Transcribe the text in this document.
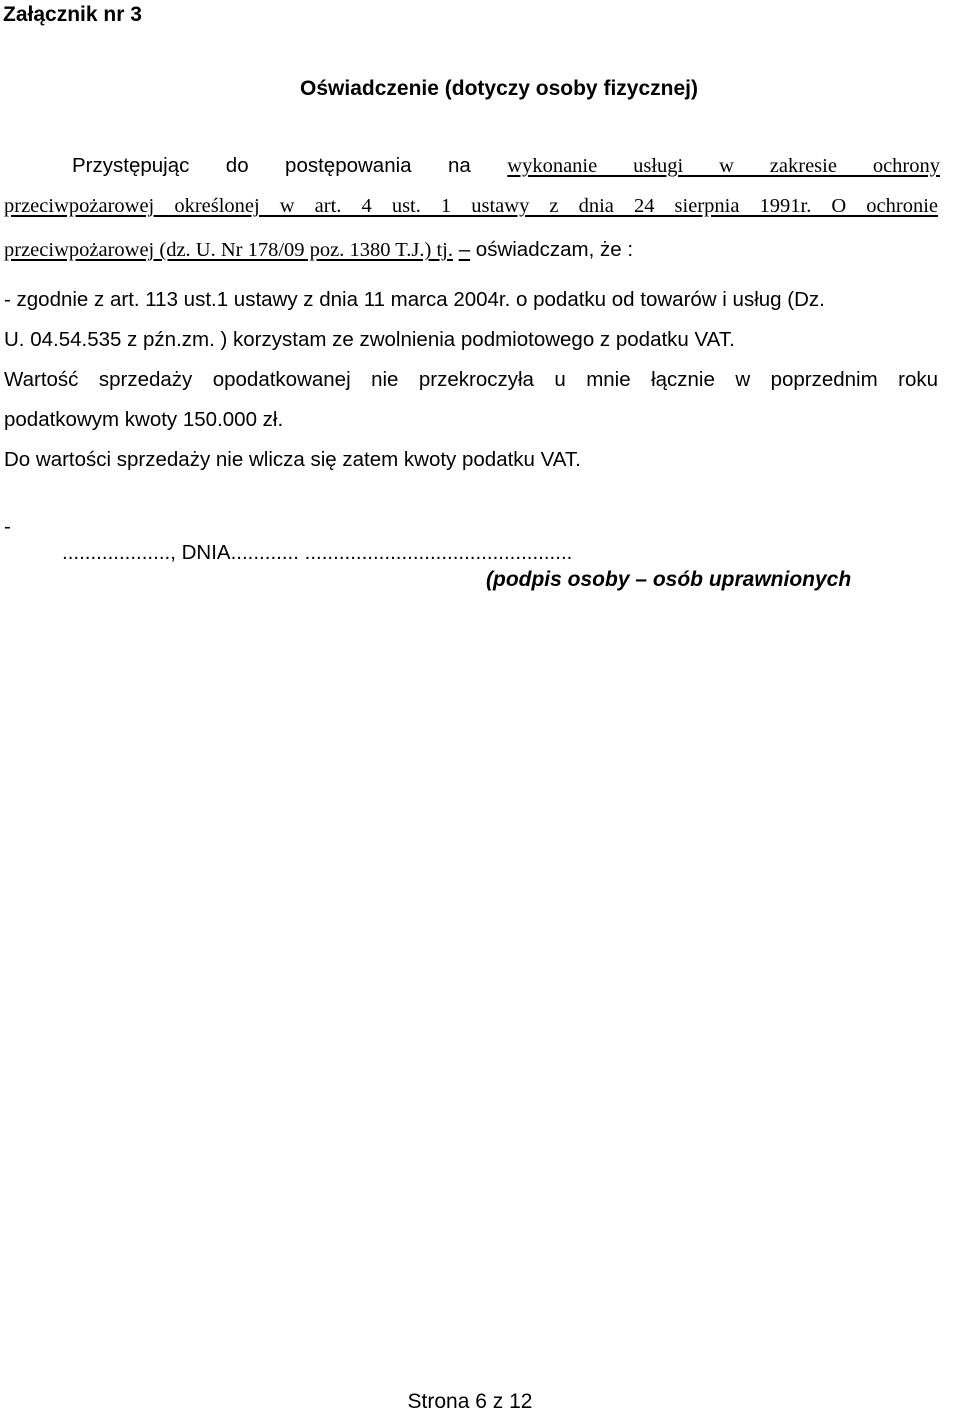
Załącznik nr 3

Oświadczenie (dotyczy osoby fizycznej)

Przystępując do postępowania na wykonanie usługi w zakresie ochrony

przeciwpożarowej określonej w art. 4 ust. 1 ustawy z dnia 24 sierpnia 1991r. O ochronie

przeciwpożarowej (dz. U. Nr 178/09 poz. 1380 T.J.) tj. – oświadczam, że :

- zgodnie z art. 113 ust.1 ustawy z dnia 11 marca 2004r. o podatku od towarów i usług (Dz.

U. 04.54.535 z pźn.zm. ) korzystam ze zwolnienia podmiotowego z podatku VAT.

Wartość sprzedaży opodatkowanej nie przekroczyła u mnie łącznie w poprzednim roku

podatkowym kwoty 150.000 zł.

Do wartości sprzedaży nie wlicza się zatem kwoty podatku VAT.

-

..................., DNIA............ ...............................................

(podpis osoby – osób uprawnionych

Strona 6 z 12
